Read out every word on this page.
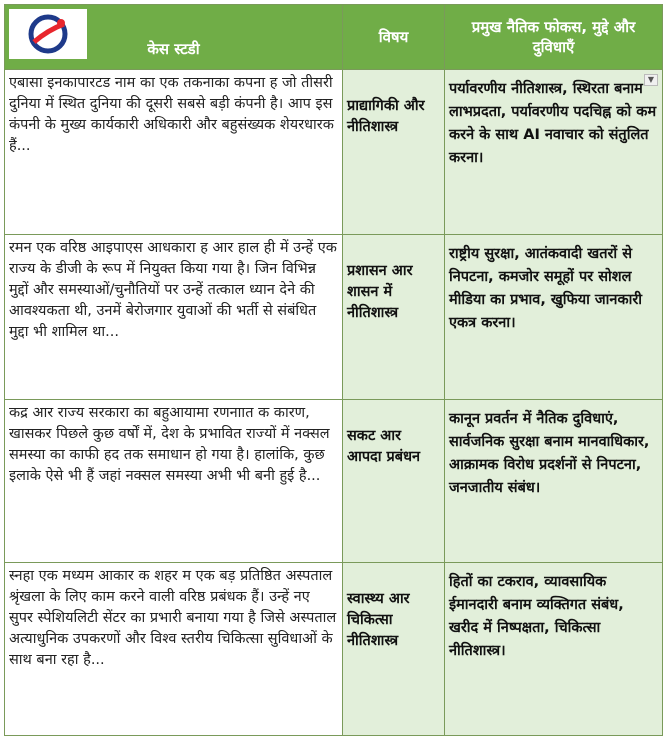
केस स्टडी	विषय	प्रमुख नैतिक फोकस, मुद्दे और दुविधाएँ

एबासा इनकापारटड नाम का एक तकनाका कपना ह जो तीसरी दुनिया में स्थित दुनिया की दूसरी सबसे बड़ी कंपनी है। आप इस कंपनी के मुख्य कार्यकारी अधिकारी और बहुसंख्यक शेयरधारक हैं...	प्राद्यागिकी और नीतिशास्त्र	पर्यावरणीय नीतिशास्त्र, स्थिरता बनाम लाभप्रदता, पर्यावरणीय पदचिह्न को कम करने के साथ AI नवाचार को संतुलित करना।
▼

रमन एक वरिष्ठ आइपाएस आधकारा ह आर हाल ही में उन्हें एक राज्य के डीजी के रूप में नियुक्त किया गया है। जिन विभिन्न मुद्दों और समस्याओं/चुनौतियों पर उन्हें तत्काल ध्यान देने की आवश्यकता थी, उनमें बेरोजगार युवाओं की भर्ती से संबंधित मुद्दा भी शामिल था...	प्रशासन आर शासन में नीतिशास्त्र	राष्ट्रीय सुरक्षा, आतंकवादी खतरों से निपटना, कमजोर समूहों पर सोशल मीडिया का प्रभाव, खुफिया जानकारी एकत्र करना।
कद्र आर राज्य सरकारा का बहुआयामा रणनाात क कारण, खासकर पिछले कुछ वर्षों में, देश के प्रभावित राज्यों में नक्सल समस्या का काफी हद तक समाधान हो गया है। हालांकि, कुछ इलाके ऐसे भी हैं जहां नक्सल समस्या अभी भी बनी हुई है...	सकट आर आपदा प्रबंधन	कानून प्रवर्तन में नैतिक दुविधाएं, सार्वजनिक सुरक्षा बनाम मानवाधिकार, आक्रामक विरोध प्रदर्शनों से निपटना, जनजातीय संबंध।
स्नहा एक मध्यम आकार क शहर म एक बड़ प्रतिष्ठित अस्पताल श्रृंखला के लिए काम करने वाली वरिष्ठ प्रबंधक हैं। उन्हें नए सुपर स्पेशियलिटी सेंटर का प्रभारी बनाया गया है जिसे अस्पताल अत्याधुनिक उपकरणों और विश्व स्तरीय चिकित्सा सुविधाओं के साथ बना रहा है...	स्वास्थ्य आर चिकित्सा नीतिशास्त्र	हितों का टकराव, व्यावसायिक ईमानदारी बनाम व्यक्तिगत संबंध, खरीद में निष्पक्षता, चिकित्सा नीतिशास्त्र।
